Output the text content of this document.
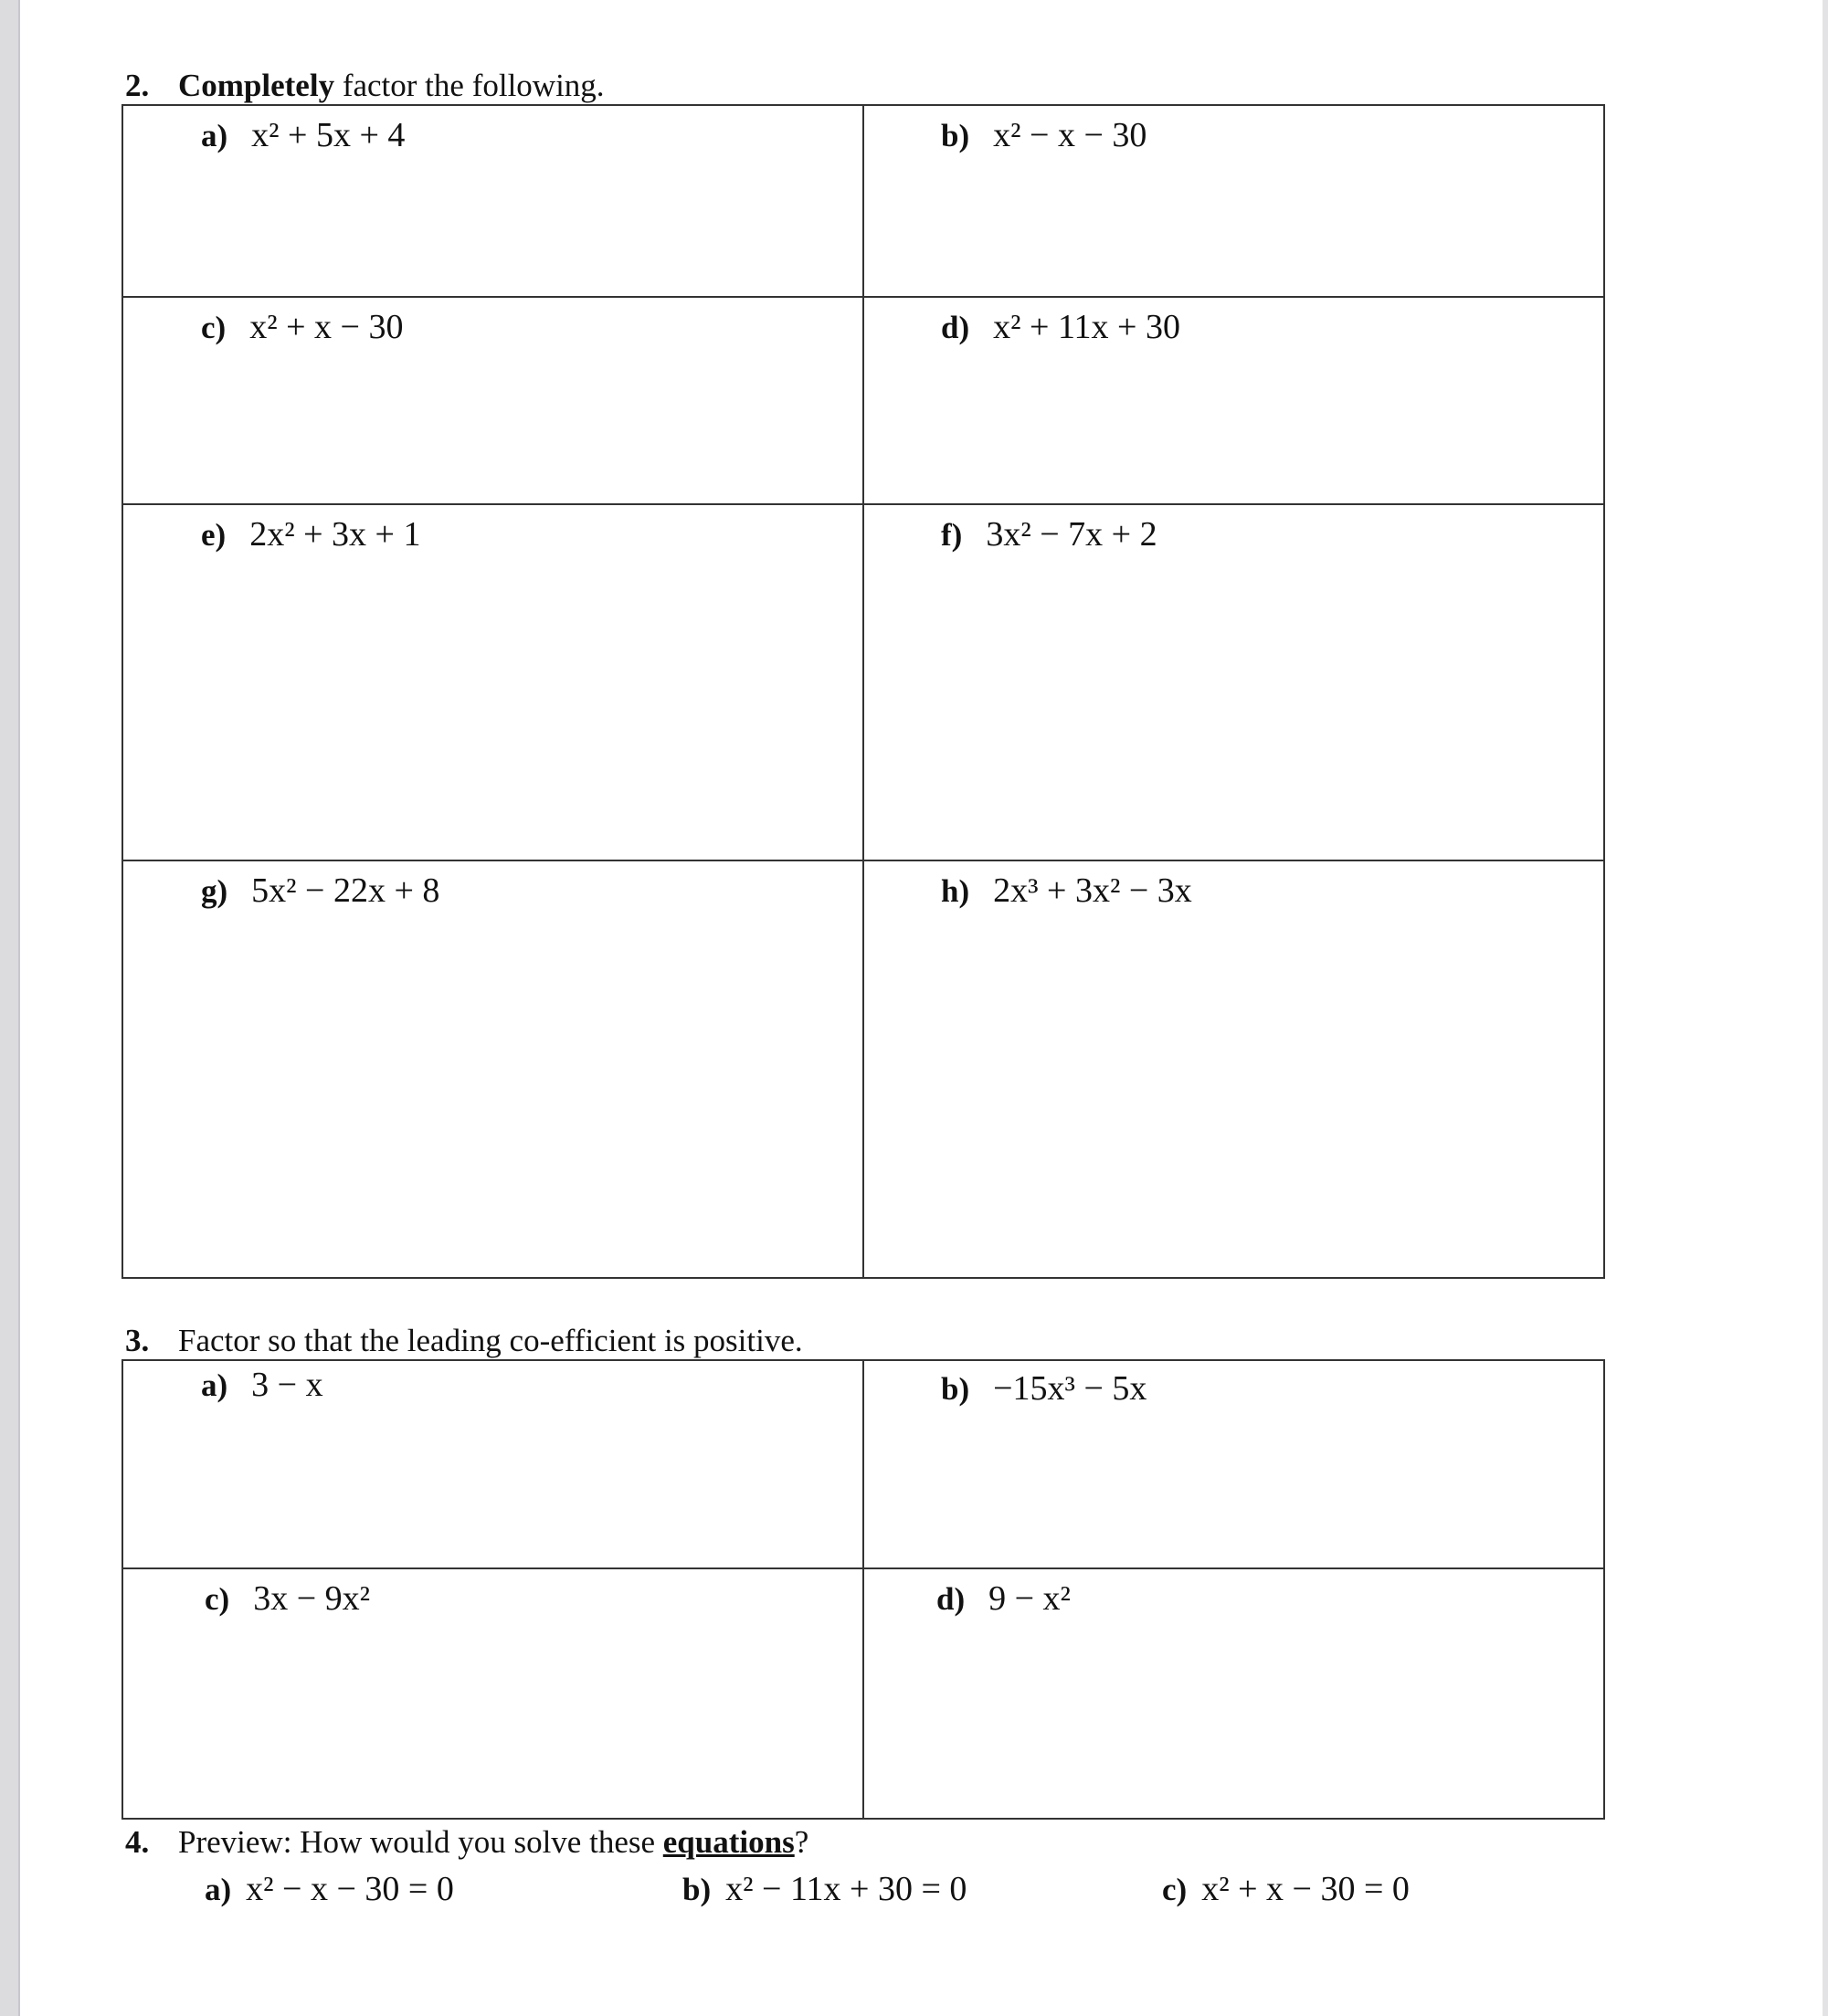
2. Completely factor the following.
a) x² + 5x + 4	b) x² − x − 30
c) x² + x − 30	d) x² + 11x + 30
e) 2x² + 3x + 1	f) 3x² − 7x + 2
g) 5x² − 22x + 8	h) 2x³ + 3x² − 3x
3. Factor so that the leading co-efficient is positive.
a) 3 − x	b) −15x³ − 5x
c) 3x − 9x²	d) 9 − x²
4. Preview: How would you solve these equations?
a) x² − x − 30 = 0	b) x² − 11x + 30 = 0	c) x² + x − 30 = 0
